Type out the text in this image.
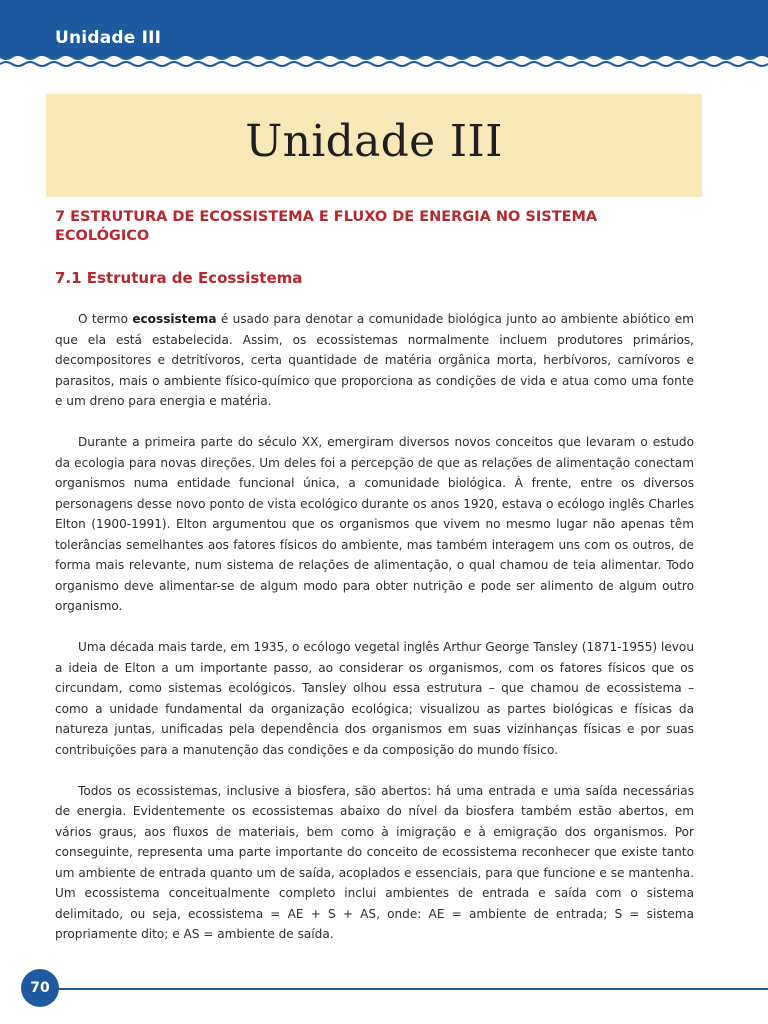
Unidade III
Unidade III
7 ESTRUTURA DE ECOSSISTEMA E FLUXO DE ENERGIA NO SISTEMA
ECOLÓGICO
7.1 Estrutura de Ecossistema

O termo ecossistema é usado para denotar a comunidade biológica junto ao ambiente abiótico em que ela está estabelecida. Assim, os ecossistemas normalmente incluem produtores primários, decompositores e detritívoros, certa quantidade de matéria orgânica morta, herbívoros, carnívoros e parasitos, mais o ambiente físico-químico que proporciona as condições de vida e atua como uma fonte e um dreno para energia e matéria.

Durante a primeira parte do século XX, emergiram diversos novos conceitos que levaram o estudo da ecologia para novas direções. Um deles foi a percepção de que as relações de alimentação conectam organismos numa entidade funcional única, a comunidade biológica. À frente, entre os diversos personagens desse novo ponto de vista ecológico durante os anos 1920, estava o ecólogo inglês Charles Elton (1900-1991). Elton argumentou que os organismos que vivem no mesmo lugar não apenas têm tolerâncias semelhantes aos fatores físicos do ambiente, mas também interagem uns com os outros, de forma mais relevante, num sistema de relações de alimentação, o qual chamou de teia alimentar. Todo organismo deve alimentar-se de algum modo para obter nutrição e pode ser alimento de algum outro organismo.

Uma década mais tarde, em 1935, o ecólogo vegetal inglês Arthur George Tansley (1871-1955) levou a ideia de Elton a um importante passo, ao considerar os organismos, com os fatores físicos que os circundam, como sistemas ecológicos. Tansley olhou essa estrutura – que chamou de ecossistema – como a unidade fundamental da organização ecológica; visualizou as partes biológicas e físicas da natureza juntas, unificadas pela dependência dos organismos em suas vizinhanças físicas e por suas contribuições para a manutenção das condições e da composição do mundo físico.

Todos os ecossistemas, inclusive a biosfera, são abertos: há uma entrada e uma saída necessárias de energia. Evidentemente os ecossistemas abaixo do nível da biosfera também estão abertos, em vários graus, aos fluxos de materiais, bem como à imigração e à emigração dos organismos. Por conseguinte, representa uma parte importante do conceito de ecossistema reconhecer que existe tanto um ambiente de entrada quanto um de saída, acoplados e essenciais, para que funcione e se mantenha. Um ecossistema conceitualmente completo inclui ambientes de entrada e saída com o sistema delimitado, ou seja, ecossistema = AE + S + AS, onde: AE = ambiente de entrada; S = sistema propriamente dito; e AS = ambiente de saída.

70
